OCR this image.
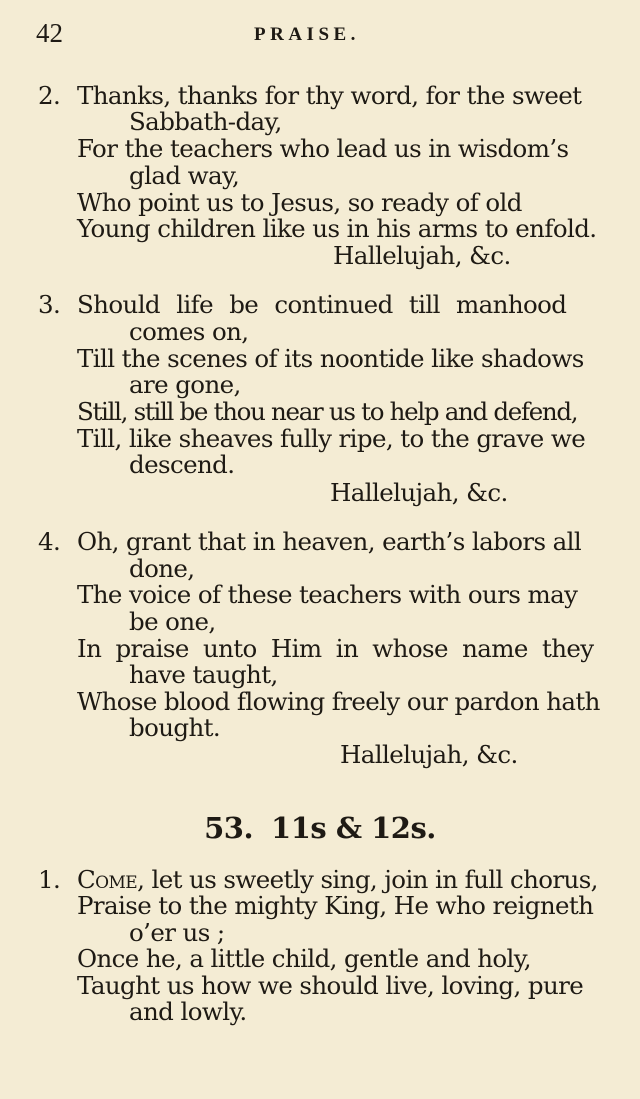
42	PRAISE.
2. Thanks, thanks for thy word, for the sweet
Sabbath-day,
For the teachers who lead us in wisdom’s
glad way,
Who point us to Jesus, so ready of old
Young children like us in his arms to enfold.
Hallelujah, &c.
3. Should life be continued till manhood
comes on,
Till the scenes of its noontide like shadows
are gone,
Still, still be thou near us to help and defend,
Till, like sheaves fully ripe, to the grave we
descend.
Hallelujah, &c.
4. Oh, grant that in heaven, earth’s labors all
done,
The voice of these teachers with ours may
be one,
In praise unto Him in whose name they
have taught,
Whose blood flowing freely our pardon hath
bought.
Hallelujah, &c.
53. 11s & 12s.
1. Come, let us sweetly sing, join in full chorus,
Praise to the mighty King, He who reigneth
o’er us ;
Once he, a little child, gentle and holy,
Taught us how we should live, loving, pure
and lowly.
